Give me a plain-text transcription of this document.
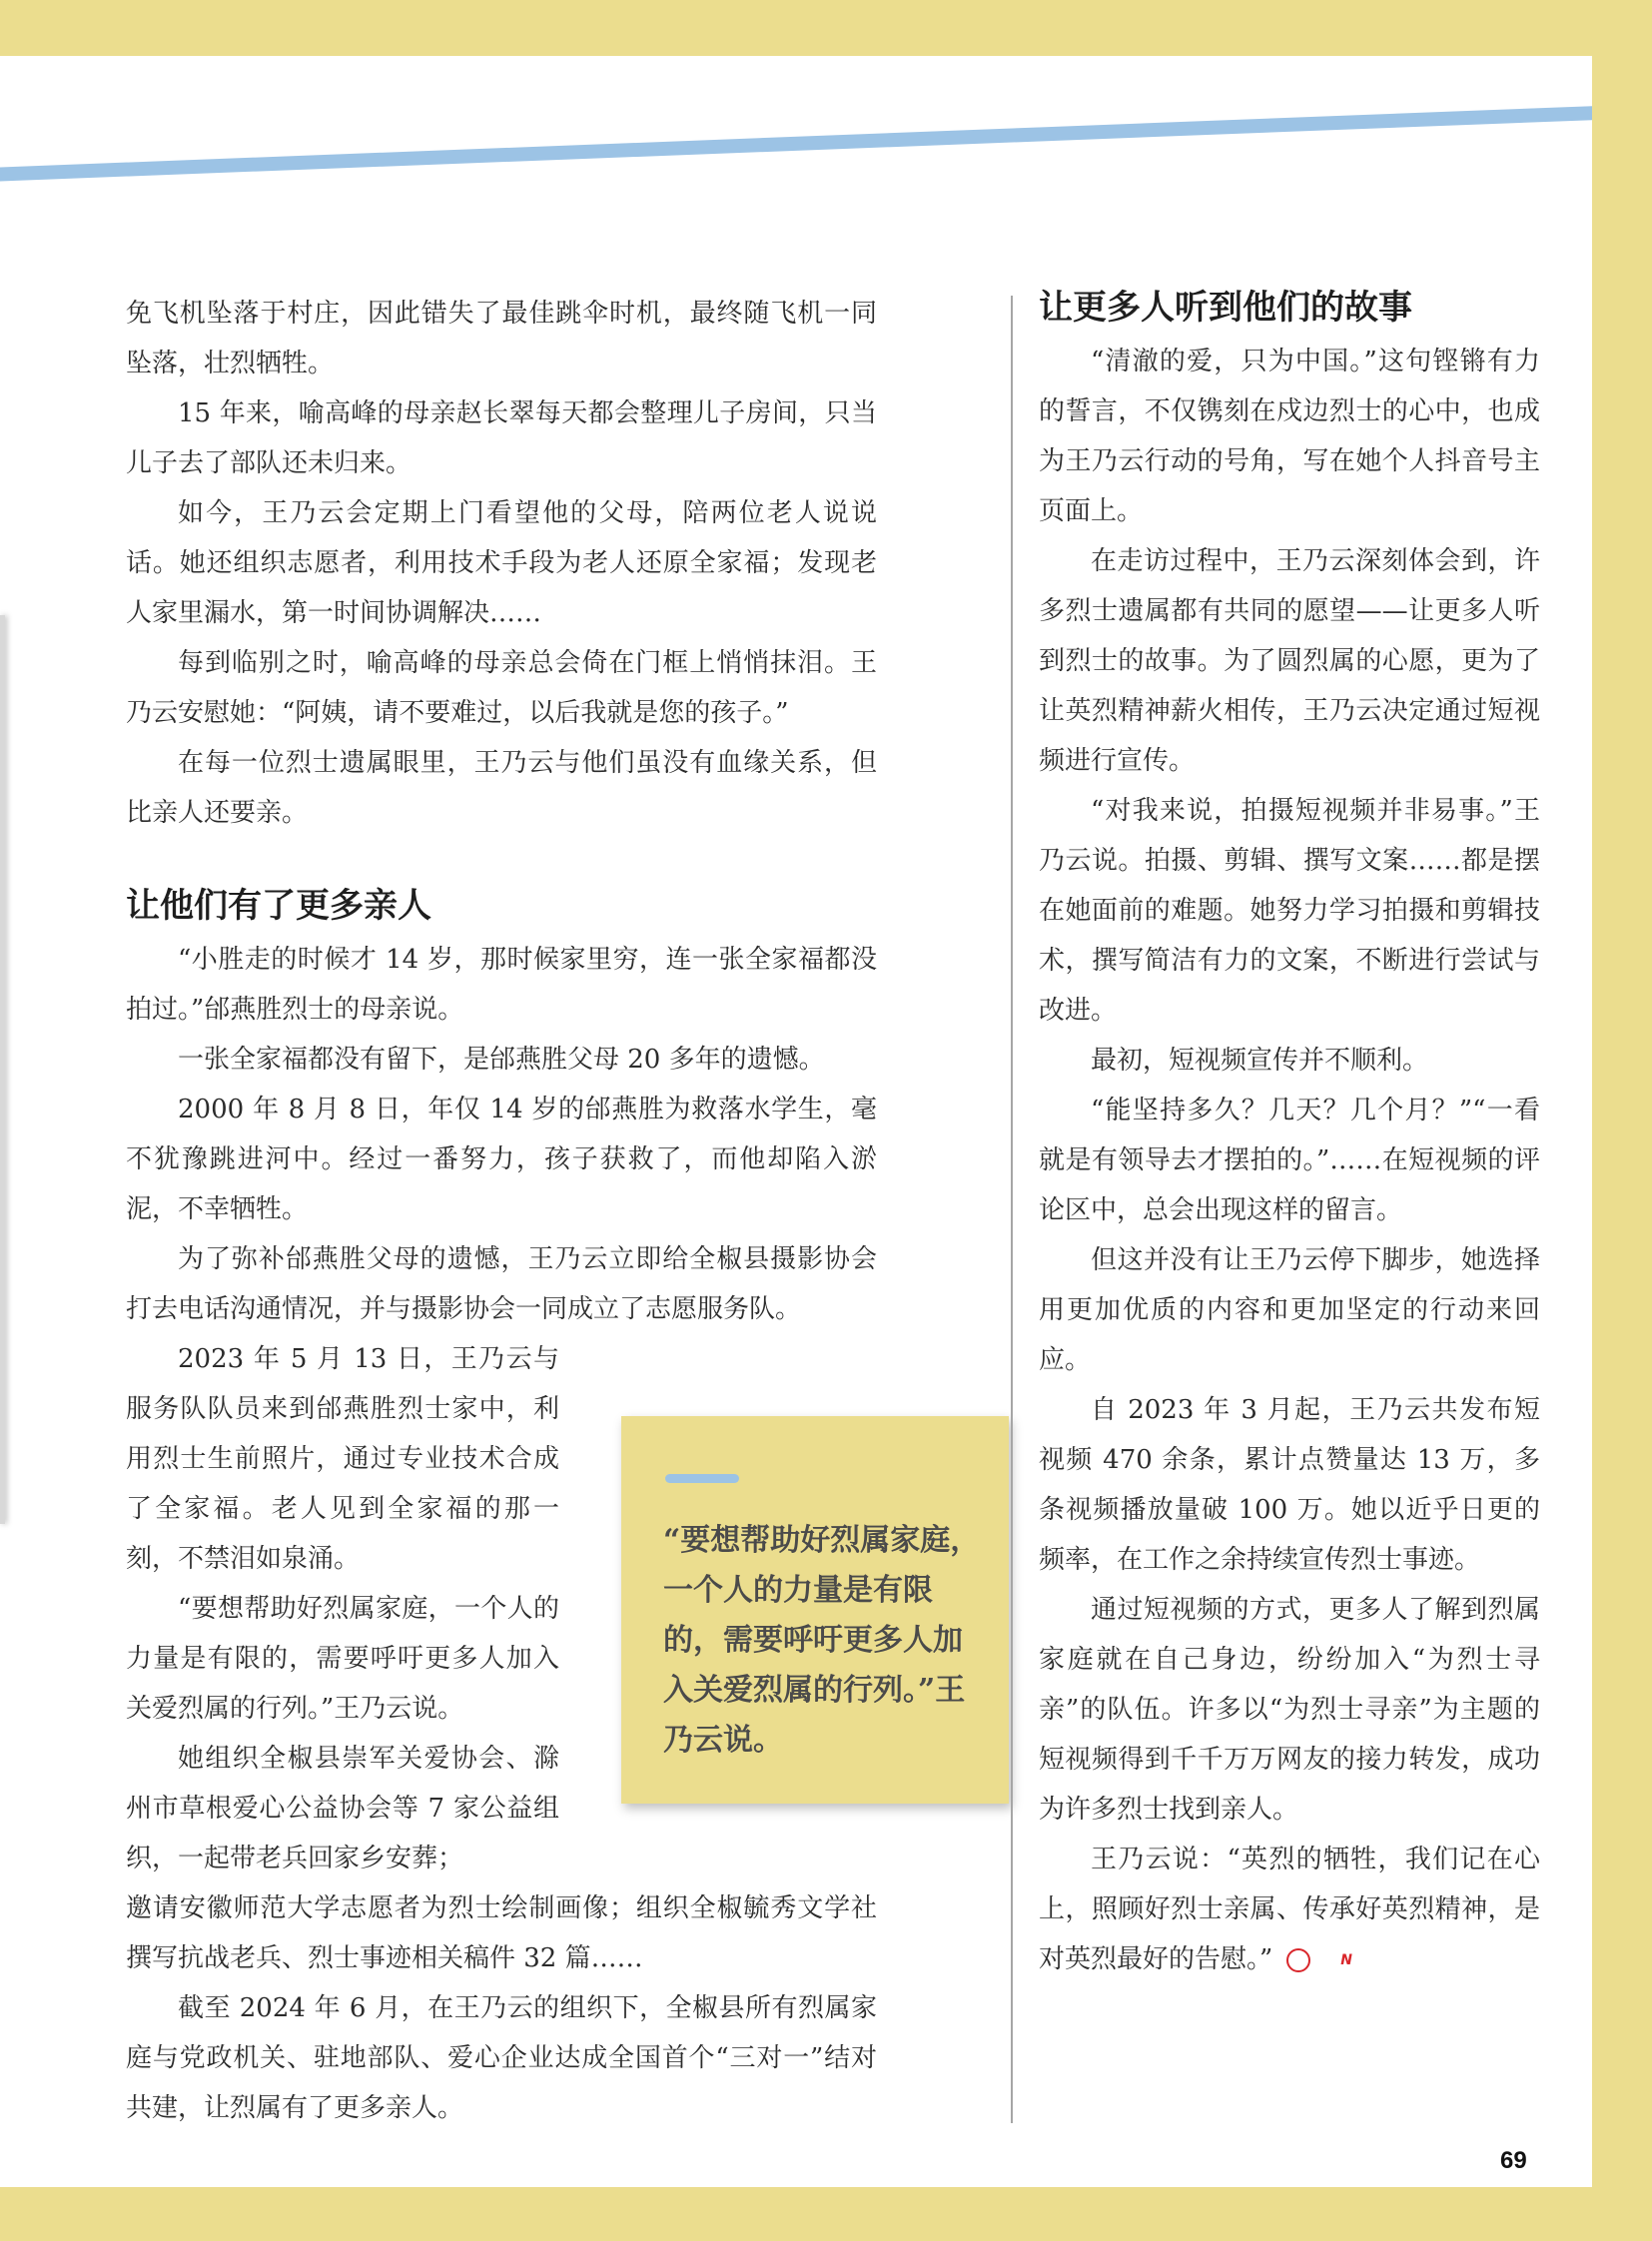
免飞机坠落于村庄，因此错失了最佳跳伞时机，最终随飞机一同坠落，壮烈牺牲。

15 年来，喻高峰的母亲赵长翠每天都会整理儿子房间，只当儿子去了部队还未归来。

如今，王乃云会定期上门看望他的父母，陪两位老人说说话。她还组织志愿者，利用技术手段为老人还原全家福；发现老人家里漏水，第一时间协调解决……

每到临别之时，喻高峰的母亲总会倚在门框上悄悄抹泪。王乃云安慰她：“阿姨，请不要难过，以后我就是您的孩子。”

在每一位烈士遗属眼里，王乃云与他们虽没有血缘关系，但比亲人还要亲。

让他们有了更多亲人

“小胜走的时候才 14 岁，那时候家里穷，连一张全家福都没拍过。”邰燕胜烈士的母亲说。

一张全家福都没有留下，是邰燕胜父母 20 多年的遗憾。

2000 年 8 月 8 日，年仅 14 岁的邰燕胜为救落水学生，毫不犹豫跳进河中。经过一番努力，孩子获救了，而他却陷入淤泥，不幸牺牲。

为了弥补邰燕胜父母的遗憾，王乃云立即给全椒县摄影协会打去电话沟通情况，并与摄影协会一同成立了志愿服务队。

2023 年 5 月 13 日，王乃云与服务队队员来到邰燕胜烈士家中，利用烈士生前照片，通过专业技术合成了全家福。老人见到全家福的那一刻，不禁泪如泉涌。

“要想帮助好烈属家庭，一个人的力量是有限的，需要呼吁更多人加入关爱烈属的行列。”王乃云说。

她组织全椒县崇军关爱协会、滁州市草根爱心公益协会等 7 家公益组织，一起带老兵回家乡安葬；

邀请安徽师范大学志愿者为烈士绘制画像；组织全椒毓秀文学社撰写抗战老兵、烈士事迹相关稿件 32 篇……

截至 2024 年 6 月，在王乃云的组织下，全椒县所有烈属家庭与党政机关、驻地部队、爱心企业达成全国首个“三对一”结对共建，让烈属有了更多亲人。

“要想帮助好烈属家庭，一个人的力量是有限的，需要呼吁更多人加入关爱烈属的行列。”王乃云说。
让更多人听到他们的故事

“清澈的爱，只为中国。”这句铿锵有力的誓言，不仅镌刻在戍边烈士的心中，也成为王乃云行动的号角，写在她个人抖音号主页面上。

在走访过程中，王乃云深刻体会到，许多烈士遗属都有共同的愿望——让更多人听到烈士的故事。为了圆烈属的心愿，更为了让英烈精神薪火相传，王乃云决定通过短视频进行宣传。

“对我来说，拍摄短视频并非易事。”王乃云说。拍摄、剪辑、撰写文案……都是摆在她面前的难题。她努力学习拍摄和剪辑技术，撰写简洁有力的文案，不断进行尝试与改进。

最初，短视频宣传并不顺利。

“能坚持多久？几天？几个月？”“一看就是有领导去才摆拍的。”……在短视频的评论区中，总会出现这样的留言。

但这并没有让王乃云停下脚步，她选择用更加优质的内容和更加坚定的行动来回应。

自 2023 年 3 月起，王乃云共发布短视频 470 余条，累计点赞量达 13 万，多条视频播放量破 100 万。她以近乎日更的频率，在工作之余持续宣传烈士事迹。

通过短视频的方式，更多人了解到烈属家庭就在自己身边，纷纷加入“为烈士寻亲”的队伍。许多以“为烈士寻亲”为主题的短视频得到千千万万网友的接力转发，成功为许多烈士找到亲人。

王乃云说：“英烈的牺牲，我们记在心上，照顾好烈士亲属、传承好英烈精神，是对英烈最好的告慰。”	N

69
